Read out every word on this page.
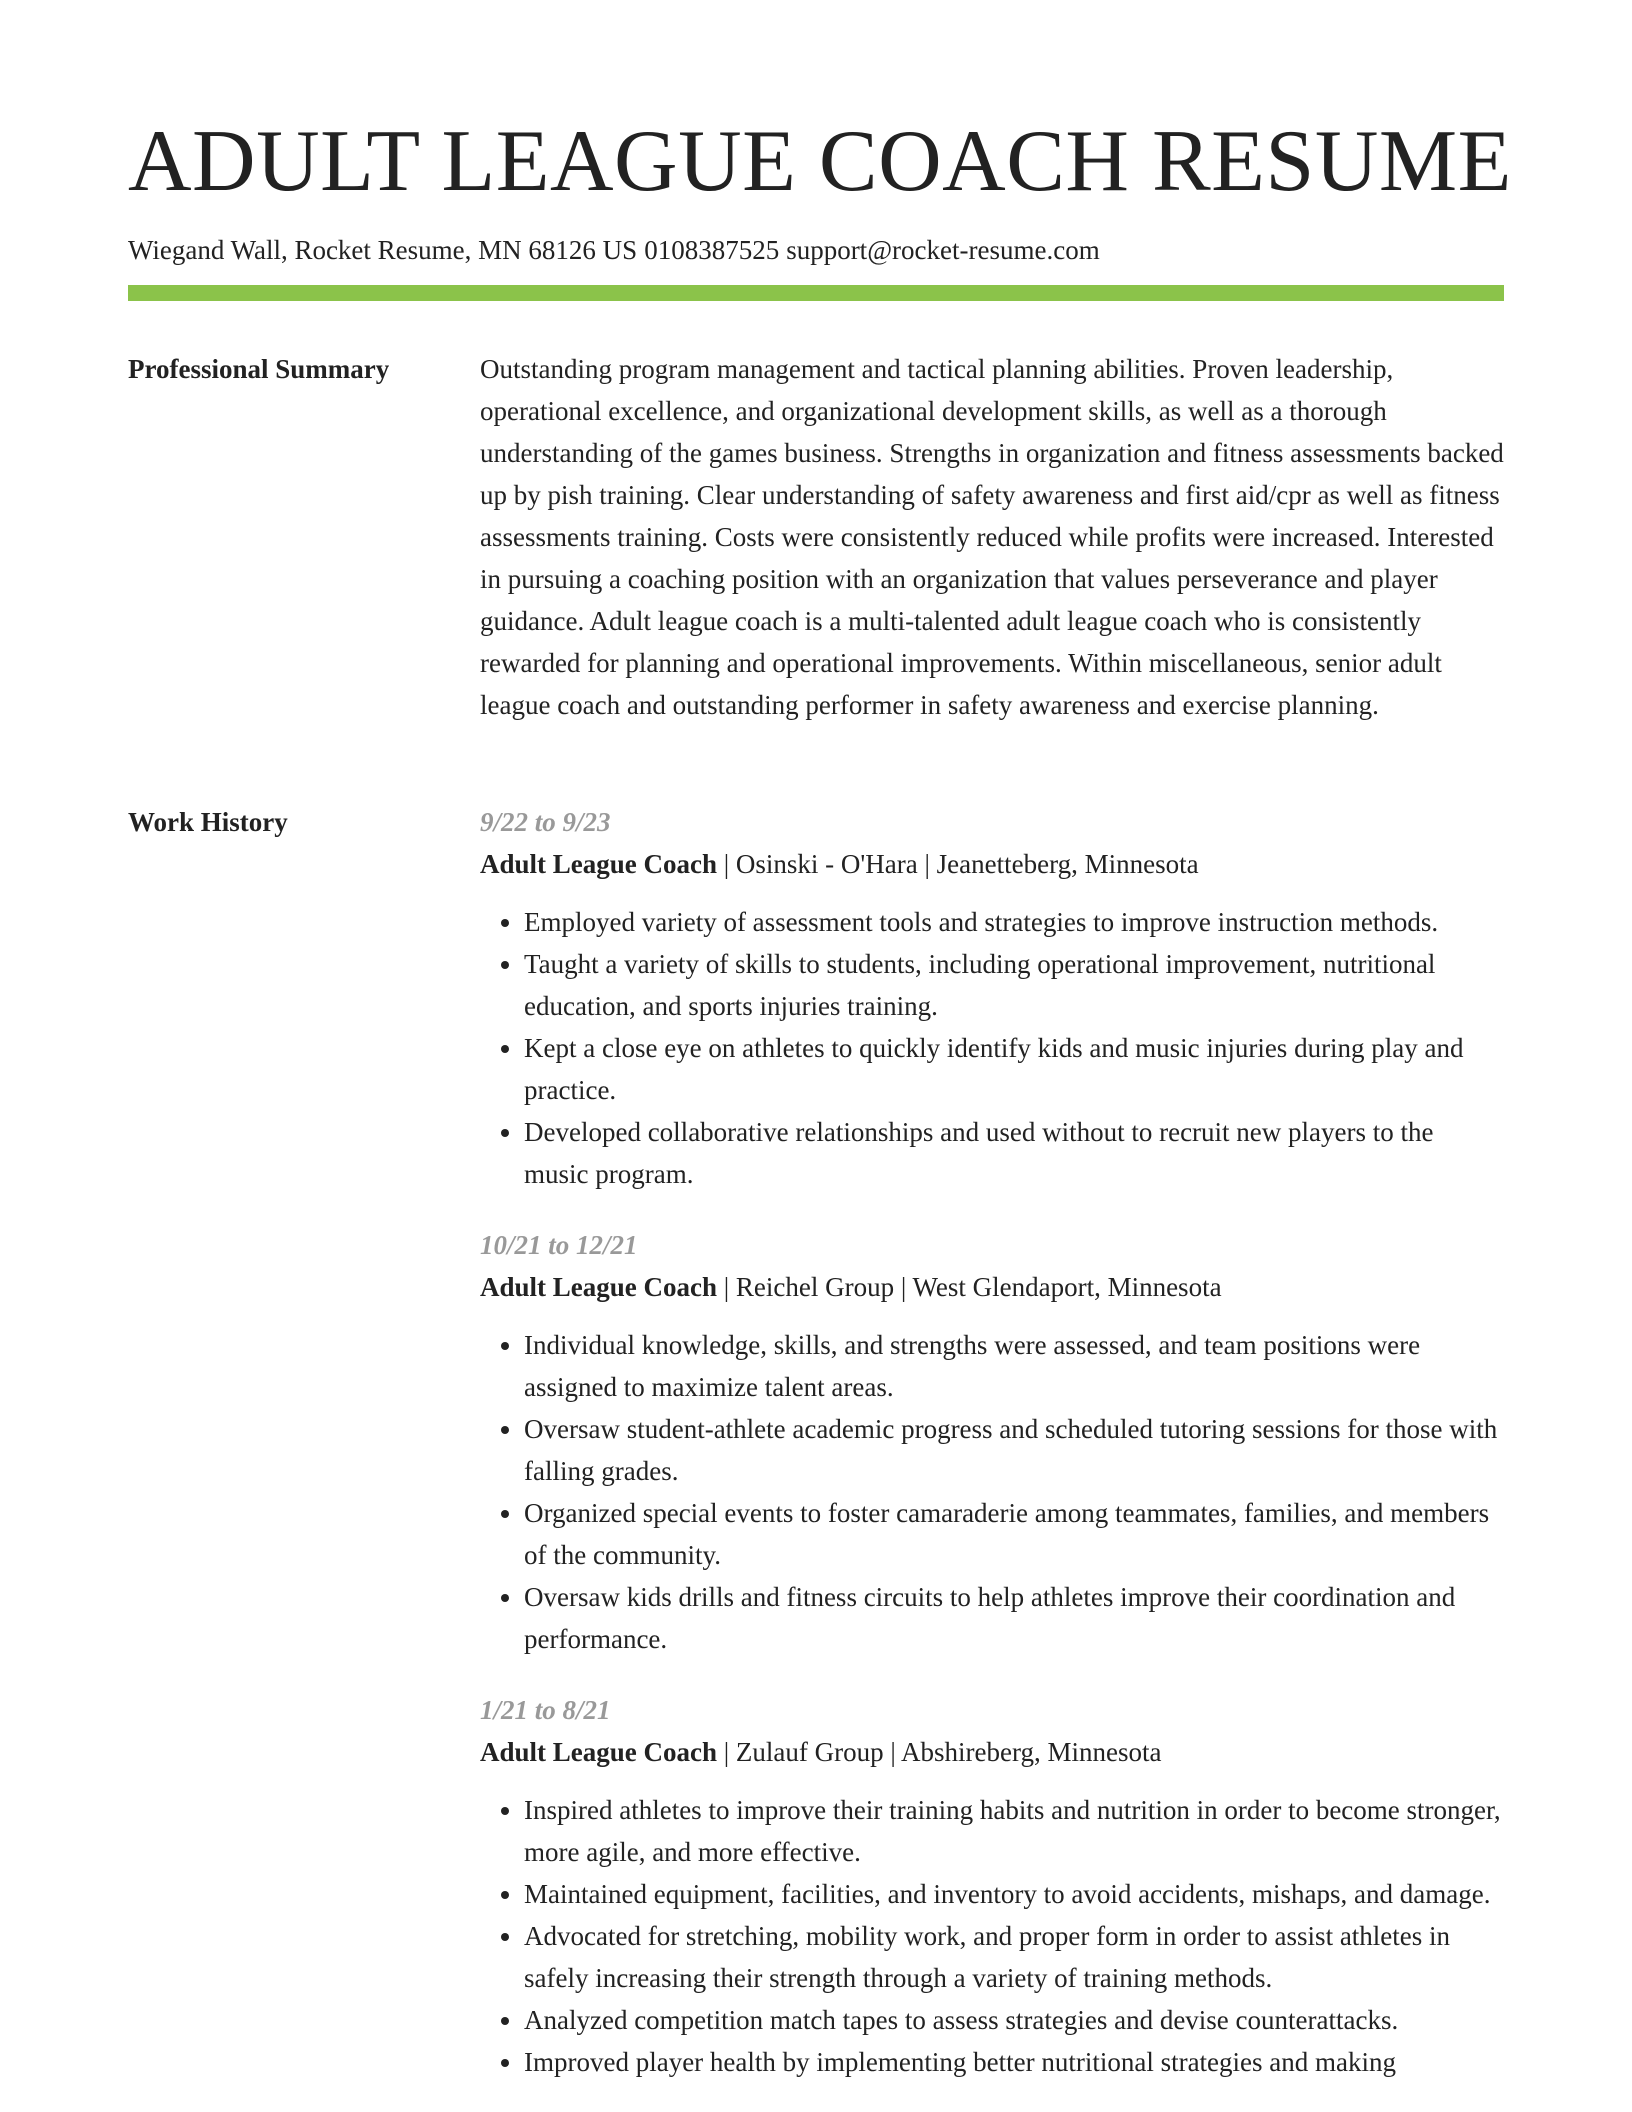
ADULT LEAGUE COACH RESUME
Wiegand Wall, Rocket Resume, MN 68126 US 0108387525 support@rocket-resume.com
Professional Summary	Outstanding program management and tactical planning abilities. Proven leadership, operational excellence, and organizational development skills, as well as a thorough understanding of the games business. Strengths in organization and fitness assessments backed up by pish training. Clear understanding of safety awareness and first aid/cpr as well as fitness assessments training. Costs were consistently reduced while profits were increased. Interested in pursuing a coaching position with an organization that values perseverance and player guidance. Adult league coach is a multi-talented adult league coach who is consistently rewarded for planning and operational improvements. Within miscellaneous, senior adult league coach and outstanding performer in safety awareness and exercise planning.

Work History	9/22 to 9/23
Adult League Coach | Osinski - O'Hara | Jeanetteberg, Minnesota
• Employed variety of assessment tools and strategies to improve instruction methods.
• Taught a variety of skills to students, including operational improvement, nutritional education, and sports injuries training.
• Kept a close eye on athletes to quickly identify kids and music injuries during play and practice.
• Developed collaborative relationships and used without to recruit new players to the music program.
10/21 to 12/21
Adult League Coach | Reichel Group | West Glendaport, Minnesota
• Individual knowledge, skills, and strengths were assessed, and team positions were assigned to maximize talent areas.
• Oversaw student-athlete academic progress and scheduled tutoring sessions for those with falling grades.
• Organized special events to foster camaraderie among teammates, families, and members of the community.
• Oversaw kids drills and fitness circuits to help athletes improve their coordination and performance.
1/21 to 8/21
Adult League Coach | Zulauf Group | Abshireberg, Minnesota
• Inspired athletes to improve their training habits and nutrition in order to become stronger, more agile, and more effective.
• Maintained equipment, facilities, and inventory to avoid accidents, mishaps, and damage.
• Advocated for stretching, mobility work, and proper form in order to assist athletes in safely increasing their strength through a variety of training methods.
• Analyzed competition match tapes to assess strategies and devise counterattacks.
• Improved player health by implementing better nutritional strategies and making
